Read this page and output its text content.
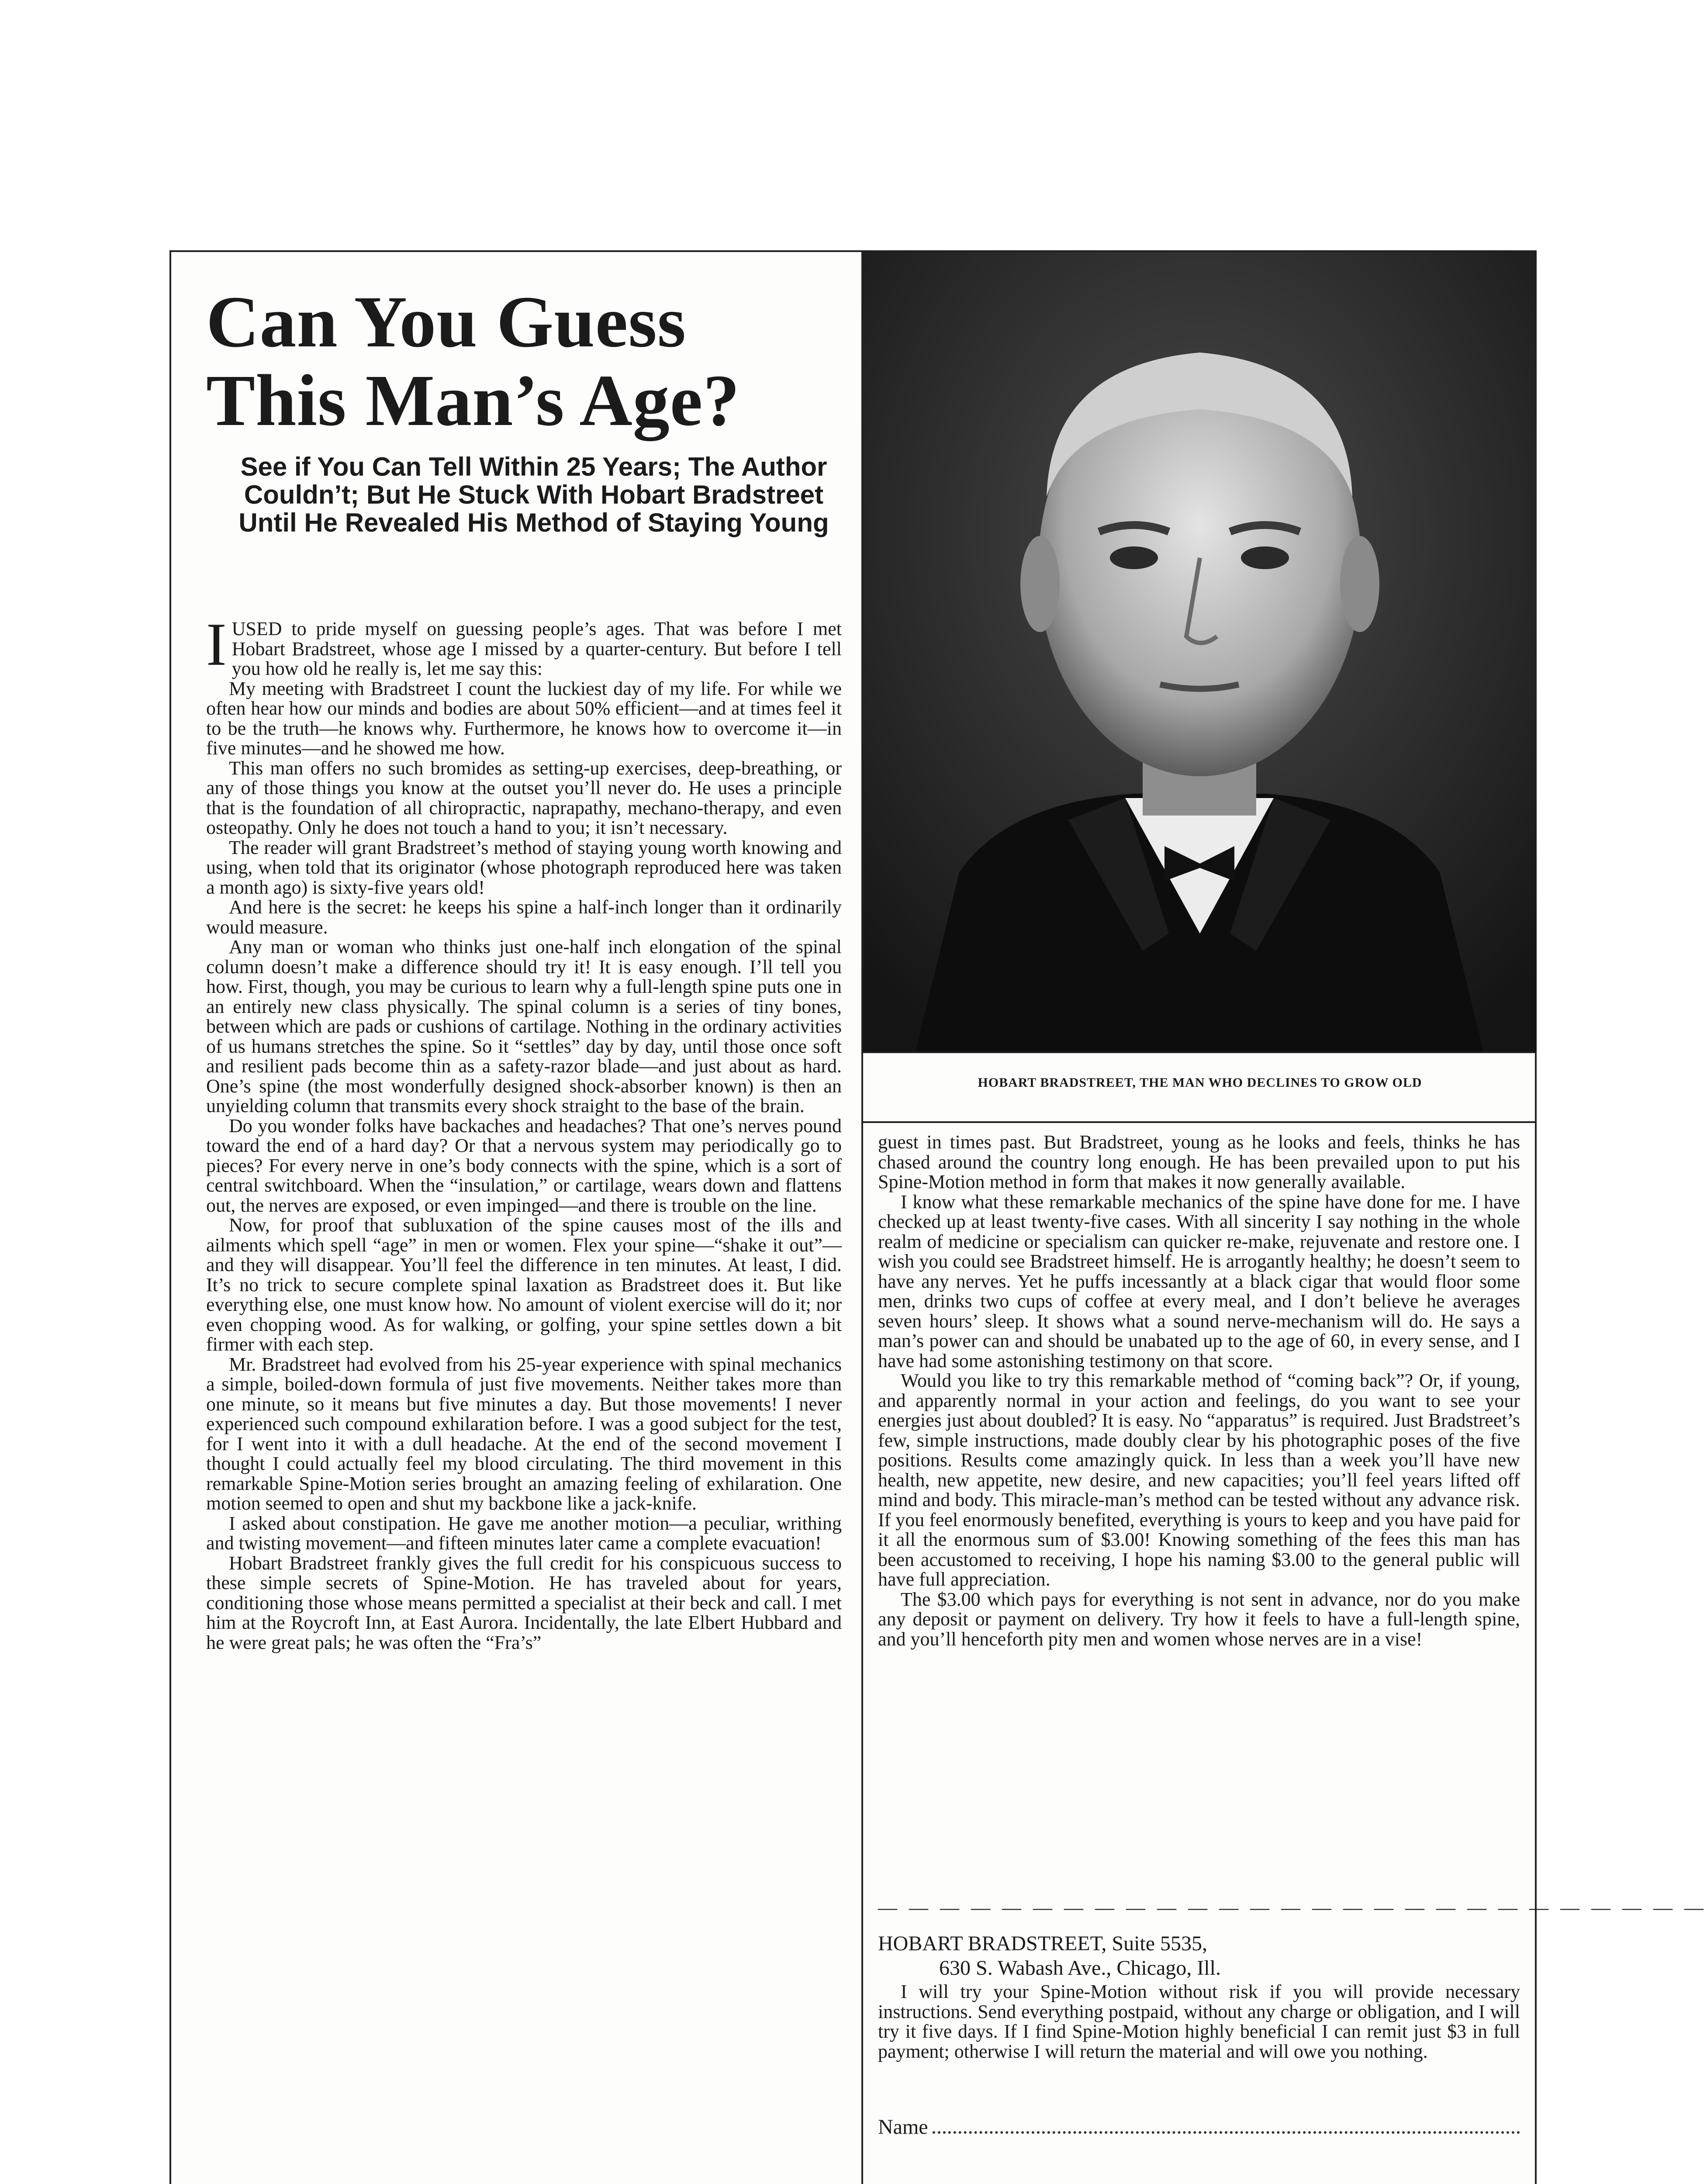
Can You Guess
This Man’s Age?
See if You Can Tell Within 25 Years; The Author Couldn’t; But He Stuck With Hobart Bradstreet Until He Revealed His Method of Staying Young

IUSED to pride myself on guessing people’s ages. That was before I met Hobart Bradstreet, whose age I missed by a quarter-century. But before I tell you how old he really is, let me say this:

My meeting with Bradstreet I count the luckiest day of my life. For while we often hear how our minds and bodies are about 50% efficient—and at times feel it to be the truth—he knows why. Furthermore, he knows how to overcome it—in five minutes—and he showed me how.

This man offers no such bromides as setting-up exercises, deep-breathing, or any of those things you know at the outset you’ll never do. He uses a principle that is the foundation of all chiropractic, naprapathy, mechano-therapy, and even osteopathy. Only he does not touch a hand to you; it isn’t necessary.

The reader will grant Bradstreet’s method of staying young worth knowing and using, when told that its originator (whose photograph reproduced here was taken a month ago) is sixty-five years old!

And here is the secret: he keeps his spine a half-inch longer than it ordinarily would measure.

Any man or woman who thinks just one-half inch elongation of the spinal column doesn’t make a difference should try it! It is easy enough. I’ll tell you how. First, though, you may be curious to learn why a full-length spine puts one in an entirely new class physically. The spinal column is a series of tiny bones, between which are pads or cushions of cartilage. Nothing in the ordinary activities of us humans stretches the spine. So it “settles” day by day, until those once soft and resilient pads become thin as a safety-razor blade—and just about as hard. One’s spine (the most wonderfully designed shock-absorber known) is then an unyielding column that transmits every shock straight to the base of the brain.

Do you wonder folks have backaches and headaches? That one’s nerves pound toward the end of a hard day? Or that a nervous system may periodically go to pieces? For every nerve in one’s body connects with the spine, which is a sort of central switchboard. When the “insulation,” or cartilage, wears down and flattens out, the nerves are exposed, or even impinged—and there is trouble on the line.

Now, for proof that subluxation of the spine causes most of the ills and ailments which spell “age” in men or women. Flex your spine—“shake it out”—and they will disappear. You’ll feel the difference in ten minutes. At least, I did. It’s no trick to secure complete spinal laxation as Bradstreet does it. But like everything else, one must know how. No amount of violent exercise will do it; nor even chopping wood. As for walking, or golfing, your spine settles down a bit firmer with each step.

Mr. Bradstreet had evolved from his 25-year experience with spinal mechanics a simple, boiled-down formula of just five movements. Neither takes more than one minute, so it means but five minutes a day. But those movements! I never experienced such compound exhilaration before. I was a good subject for the test, for I went into it with a dull headache. At the end of the second movement I thought I could actually feel my blood circulating. The third movement in this remarkable Spine-Motion series brought an amazing feeling of exhilaration. One motion seemed to open and shut my backbone like a jack-knife.

I asked about constipation. He gave me another motion—a peculiar, writhing and twisting movement—and fifteen minutes later came a complete evacuation!

Hobart Bradstreet frankly gives the full credit for his conspicuous success to these simple secrets of Spine-Motion. He has traveled about for years, conditioning those whose means permitted a specialist at their beck and call. I met him at the Roycroft Inn, at East Aurora. Incidentally, the late Elbert Hubbard and he were great pals; he was often the “Fra’s”

HOBART BRADSTREET, THE MAN WHO DECLINES TO GROW OLD

guest in times past. But Bradstreet, young as he looks and feels, thinks he has chased around the country long enough. He has been prevailed upon to put his Spine-Motion method in form that makes it now generally available.

I know what these remarkable mechanics of the spine have done for me. I have checked up at least twenty-five cases. With all sincerity I say nothing in the whole realm of medicine or specialism can quicker re-make, rejuvenate and restore one. I wish you could see Bradstreet himself. He is arrogantly healthy; he doesn’t seem to have any nerves. Yet he puffs incessantly at a black cigar that would floor some men, drinks two cups of coffee at every meal, and I don’t believe he averages seven hours’ sleep. It shows what a sound nerve-mechanism will do. He says a man’s power can and should be unabated up to the age of 60, in every sense, and I have had some astonishing testimony on that score.

Would you like to try this remarkable method of “coming back”? Or, if young, and apparently normal in your action and feelings, do you want to see your energies just about doubled? It is easy. No “apparatus” is required. Just Bradstreet’s few, simple instructions, made doubly clear by his photographic poses of the five positions. Results come amazingly quick. In less than a week you’ll have new health, new appetite, new desire, and new capacities; you’ll feel years lifted off mind and body. This miracle-man’s method can be tested without any advance risk. If you feel enormously benefited, everything is yours to keep and you have paid for it all the enormous sum of $3.00! Knowing something of the fees this man has been accustomed to receiving, I hope his naming $3.00 to the general public will have full appreciation.

The $3.00 which pays for everything is not sent in advance, nor do you make any deposit or payment on delivery. Try how it feels to have a full-length spine, and you’ll henceforth pity men and women whose nerves are in a vise!

— — — — — — — — — — — — — — — — — — — — — — — — — — —
HOBART BRADSTREET, Suite 5535,
630 S. Wabash Ave., Chicago, Ill.

I will try your Spine-Motion without risk if you will provide necessary instructions. Send everything postpaid, without any charge or obligation, and I will try it five days. If I find Spine-Motion highly beneficial I can remit just $3 in full payment; otherwise I will return the material and will owe you nothing.

Name
